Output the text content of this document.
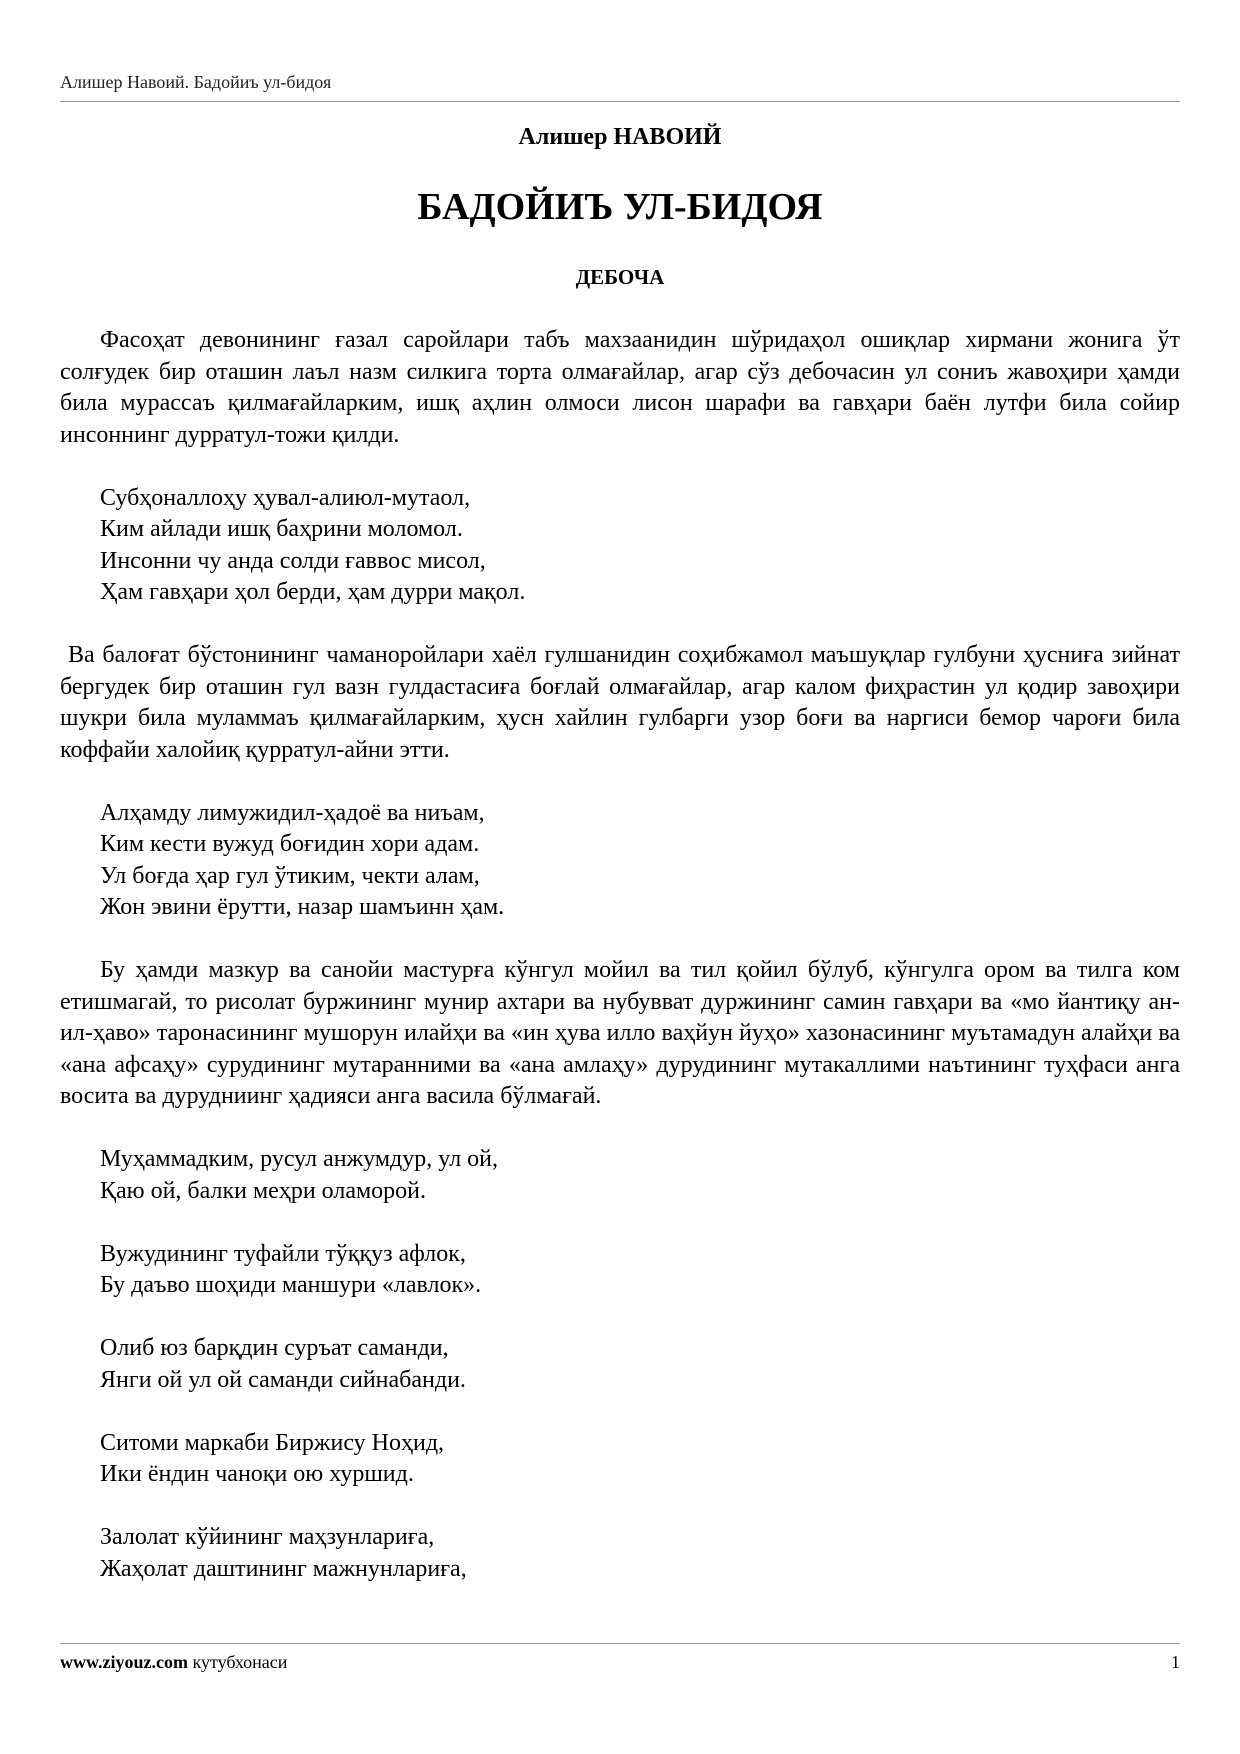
Алишер Навоий. Бадойиъ ул-бидоя
Алишер НАВОИЙ
БАДОЙИЪ УЛ-БИДОЯ
ДЕБОЧА

Фасоҳат девонининг ғазал саройлари табъ махзаанидин шўридаҳол ошиқлар хирмани жонига ўт солғудек бир оташин лаъл назм силкига торта олмағайлар, агар сўз дебочасин ул сониъ жавоҳири ҳамди била мурассаъ қилмағайларким, ишқ аҳлин олмоси лисон шарафи ва гавҳари баён лутфи била сойир инсоннинг дурратул-тожи қилди.

Субҳоналлоҳу ҳувал-алиюл-мутаол,
Ким айлади ишқ баҳрини моломол.
Инсонни чу анда солди ғаввос мисол,
Ҳам гавҳари ҳол берди, ҳам дурри мақол.

Ва балоғат бўстонининг чаманоройлари хаёл гулшанидин соҳибжамол маъшуқлар гулбуни ҳусниға зийнат бергудек бир оташин гул вазн гулдастасиға боғлай олмағайлар, агар калом фиҳрастин ул қодир завоҳири шукри била муламмаъ қилмағайларким, ҳусн хайлин гулбарги узор боғи ва наргиси бемор чароғи била коффайи халойиқ қурратул-айни этти.

Алҳамду лимужидил-ҳадоё ва ниъам,
Ким кести вужуд боғидин хори адам.
Ул боғда ҳар гул ўтиким, чекти алам,
Жон эвини ёрутти, назар шамъинн ҳам.

Бу ҳамди мазкур ва санойи мастурға кўнгул мойил ва тил қойил бўлуб, кўнгулга ором ва тилга ком етишмагай, то рисолат буржининг мунир ахтари ва нубувват дуржининг самин гавҳари ва «мо йантиқу ан-ил-ҳаво» таронасининг мушорун илайҳи ва «ин ҳува илло ваҳйун йуҳо» хазонасининг муътамадун алайҳи ва «ана афсаҳу» сурудининг мутаранними ва «ана амлаҳу» дурудининг мутакаллими наътининг туҳфаси анга восита ва дурудниинг ҳадияси анга васила бўлмағай.

Муҳаммадким, русул анжумдур, ул ой,
Қаю ой, балки меҳри оламорой.
Вужудининг туфайли тўққуз афлок,
Бу даъво шоҳиди маншури «лавлок».
Олиб юз барқдин суръат саманди,
Янги ой ул ой саманди сийнабанди.
Ситоми маркаби Биржису Ноҳид,
Ики ёндин чаноқи ою хуршид.
Залолат кўйининг маҳзунлариға,
Жаҳолат даштининг мажнунлариға,
www.ziyouz.com кутубхонаси	1
